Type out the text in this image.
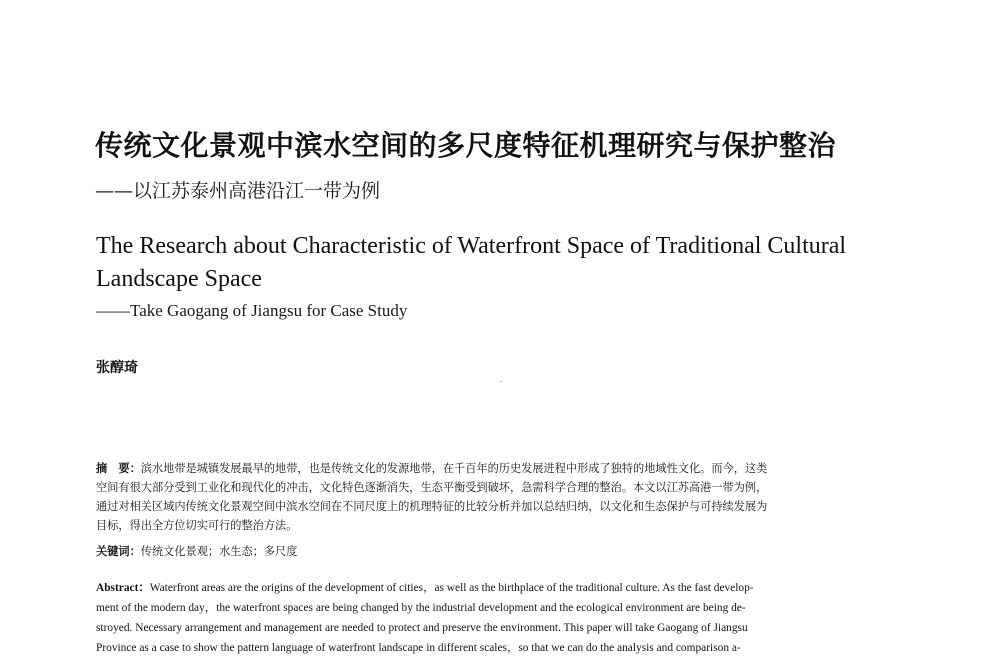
传统文化景观中滨水空间的多尺度特征机理研究与保护整治
——以江苏泰州高港沿江一带为例
The Research about Characteristic of Waterfront Space of Traditional Cultural
Landscape Space
——Take Gaogang of Jiangsu for Case Study
张醇琦
摘　要：滨水地带是城镇发展最早的地带，也是传统文化的发源地带，在千百年的历史发展进程中形成了独特的地域性文化。而今，这类
空间有很大部分受到工业化和现代化的冲击，文化特色逐渐消失，生态平衡受到破坏，急需科学合理的整治。本文以江苏高港一带为例，
通过对相关区域内传统文化景观空间中滨水空间在不同尺度上的机理特征的比较分析并加以总结归纳，以文化和生态保护与可持续发展为
目标，得出全方位切实可行的整治方法。
关键词：传统文化景观；水生态；多尺度
Abstract：Waterfront areas are the origins of the development of cities，as well as the birthplace of the traditional culture. As the fast develop-
ment of the modern day，the waterfront spaces are being changed by the industrial development and the ecological environment are being de-
stroyed. Necessary arrangement and management are needed to protect and preserve the environment. This paper will take Gaogang of Jiangsu
Province as a case to show the pattern language of waterfront landscape in different scales，so that we can do the analysis and comparison a-
